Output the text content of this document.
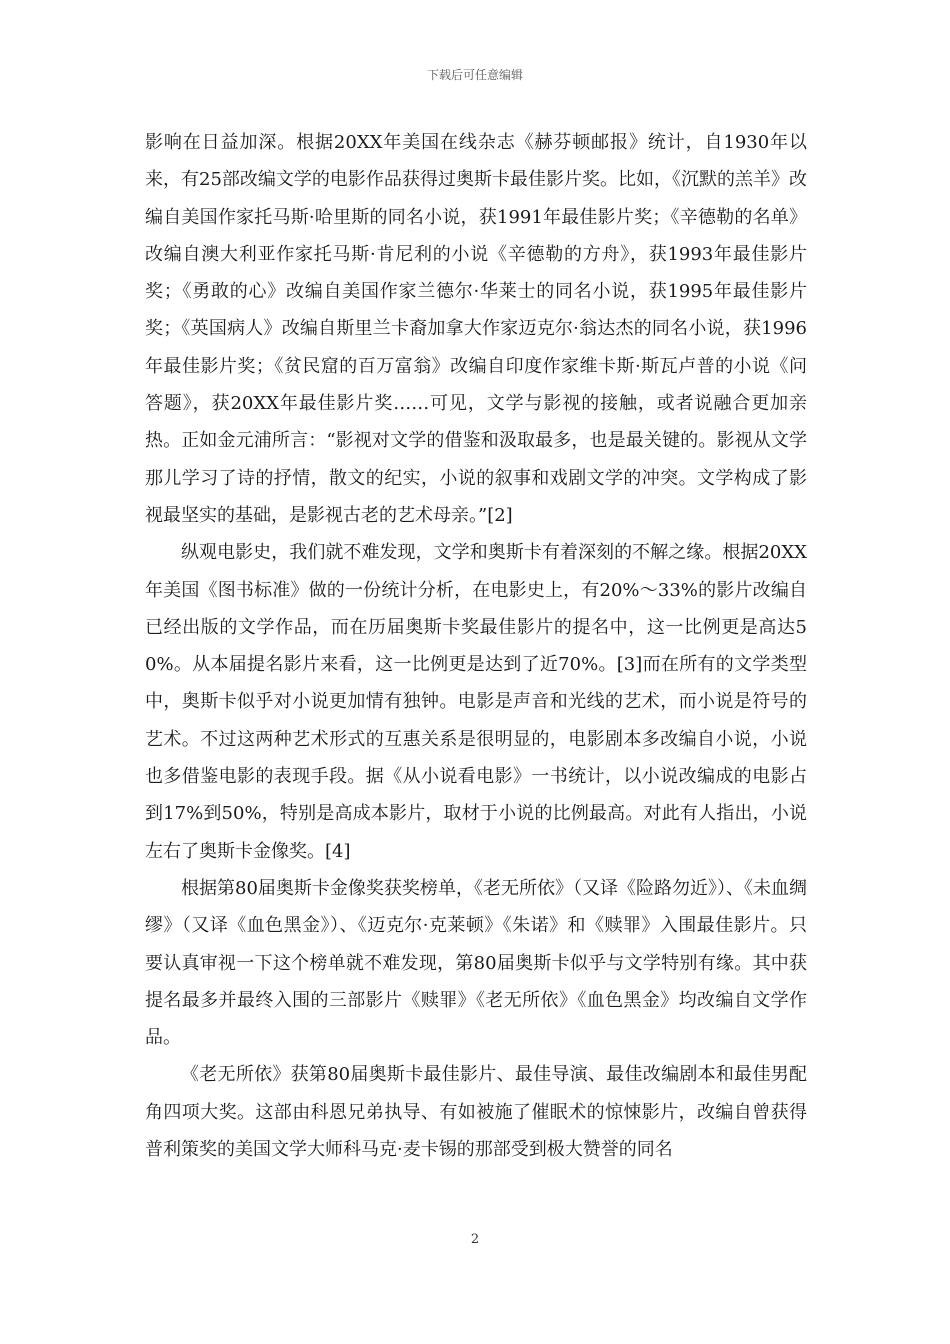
下载后可任意编辑

影响在日益加深。根据20XX年美国在线杂志《赫芬顿邮报》统计，自1930年以来，有25部改编文学的电影作品获得过奥斯卡最佳影片奖。比如，《沉默的羔羊》改编自美国作家托马斯·哈里斯的同名小说，获1991年最佳影片奖；《辛德勒的名单》改编自澳大利亚作家托马斯·肯尼利的小说《辛德勒的方舟》，获1993年最佳影片奖；《勇敢的心》改编自美国作家兰德尔·华莱士的同名小说，获1995年最佳影片奖；《英国病人》改编自斯里兰卡裔加拿大作家迈克尔·翁达杰的同名小说，获1996年最佳影片奖；《贫民窟的百万富翁》改编自印度作家维卡斯·斯瓦卢普的小说《问答题》，获20XX年最佳影片奖……可见，文学与影视的接触，或者说融合更加亲热。正如金元浦所言：“影视对文学的借鉴和汲取最多，也是最关键的。影视从文学那儿学习了诗的抒情，散文的纪实，小说的叙事和戏剧文学的冲突。文学构成了影视最坚实的基础，是影视古老的艺术母亲。”[2]

纵观电影史，我们就不难发现，文学和奥斯卡有着深刻的不解之缘。根据20XX年美国《图书标准》做的一份统计分析，在电影史上，有20%～33%的影片改编自已经出版的文学作品，而在历届奥斯卡奖最佳影片的提名中，这一比例更是高达50%。从本届提名影片来看，这一比例更是达到了近70%。[3]而在所有的文学类型中，奥斯卡似乎对小说更加情有独钟。电影是声音和光线的艺术，而小说是符号的艺术。不过这两种艺术形式的互惠关系是很明显的，电影剧本多改编自小说，小说也多借鉴电影的表现手段。据《从小说看电影》一书统计，以小说改编成的电影占到17%到50%，特别是高成本影片，取材于小说的比例最高。对此有人指出，小说左右了奥斯卡金像奖。[4]

根据第80届奥斯卡金像奖获奖榜单，《老无所依》（又译《险路勿近》）、《未血绸缪》（又译《血色黑金》）、《迈克尔·克莱顿》《朱诺》和《赎罪》入围最佳影片。只要认真审视一下这个榜单就不难发现，第80届奥斯卡似乎与文学特别有缘。其中获提名最多并最终入围的三部影片《赎罪》《老无所依》《血色黑金》均改编自文学作品。

《老无所依》获第80届奥斯卡最佳影片、最佳导演、最佳改编剧本和最佳男配角四项大奖。这部由科恩兄弟执导、有如被施了催眠术的惊悚影片，改编自曾获得普利策奖的美国文学大师科马克·麦卡锡的那部受到极大赞誉的同名

2
